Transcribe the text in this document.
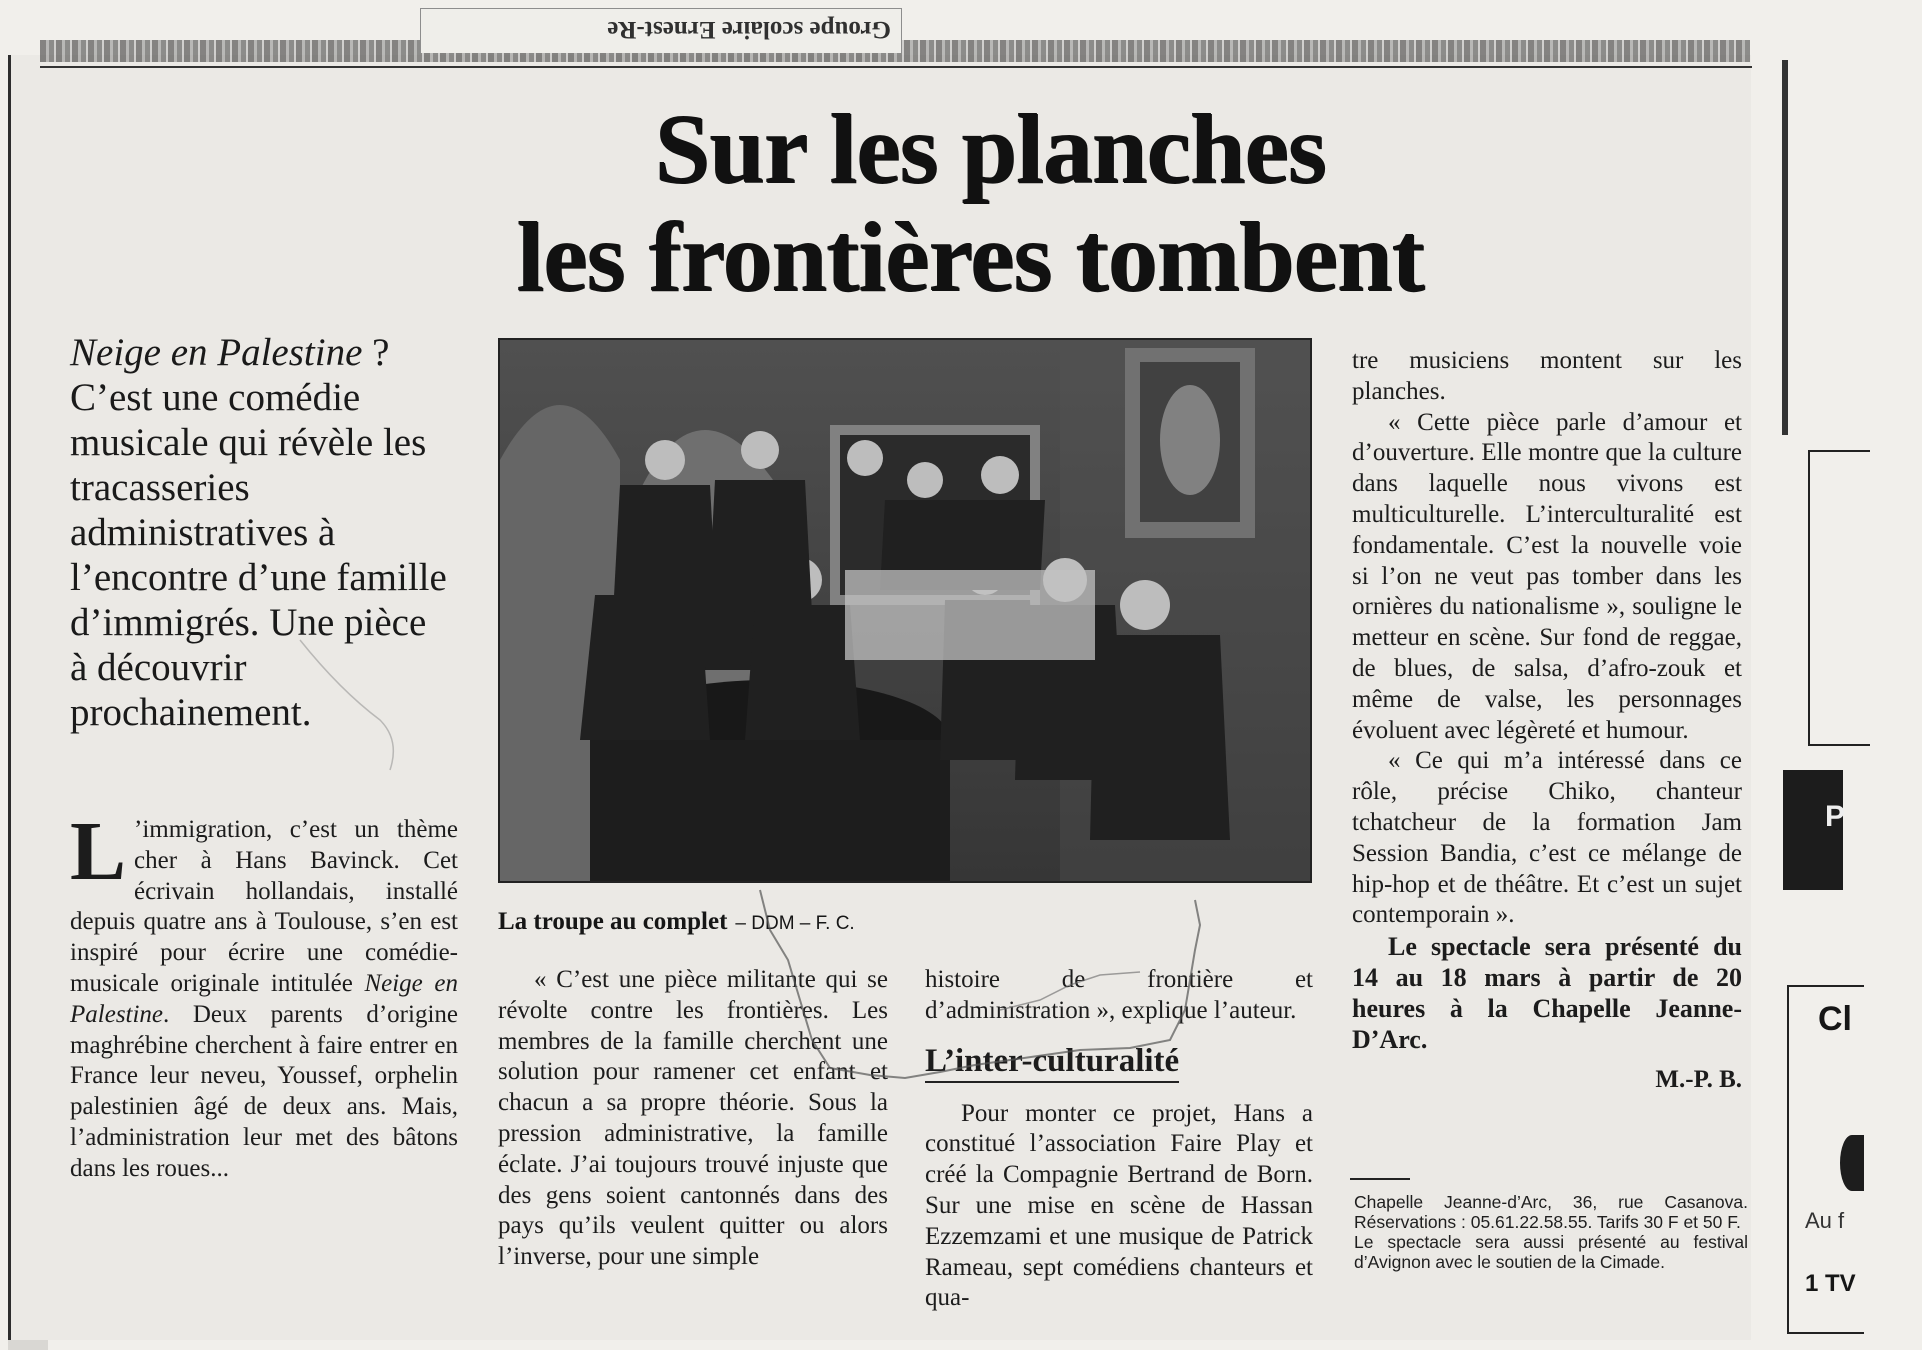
Groupe scolaire Ernest-Re
Sur les planches
les frontières tombent
Neige en Palestine ? C’est une comédie musicale qui révèle les tracasseries administratives à l’encontre d’une famille d’immigrés. Une pièce à découvrir prochainement.

L ’immigration, c’est un thème cher à Hans Bavinck. Cet écrivain hollandais, installé depuis quatre ans à Toulouse, s’en est inspiré pour écrire une comédie-musicale originale intitulée Neige en Palestine. Deux parents d’origine maghrébine cherchent à faire entrer en France leur neveu, Youssef, orphelin palestinien âgé de deux ans. Mais, l’administration leur met des bâtons dans les roues...

La troupe au complet – DDM – F. C.

« C’est une pièce militante qui se révolte contre les frontières. Les membres de la famille cherchent une solution pour ramener cet enfant et chacun a sa propre théorie. Sous la pression administrative, la famille éclate. J’ai toujours trouvé injuste que des gens soient cantonnés dans des pays qu’ils veulent quitter ou alors l’inverse, pour une simple

histoire de frontière et d’administration », explique l’auteur.

L’inter-culturalité

Pour monter ce projet, Hans a constitué l’association Faire Play et créé la Compagnie Bertrand de Born. Sur une mise en scène de Hassan Ezzemzami et une musique de Patrick Rameau, sept comédiens chanteurs et qua-

tre musiciens montent sur les planches.

« Cette pièce parle d’amour et d’ouverture. Elle montre que la culture dans laquelle nous vivons est multiculturelle. L’interculturalité est fondamentale. C’est la nouvelle voie si l’on ne veut pas tomber dans les ornières du nationalisme », souligne le metteur en scène. Sur fond de reggae, de blues, de salsa, d’afro-zouk et même de valse, les personnages évoluent avec légèreté et humour.

« Ce qui m’a intéressé dans ce rôle, précise Chiko, chanteur tchatcheur de la formation Jam Session Bandia, c’est ce mélange de hip-hop et de théâtre. Et c’est un sujet contemporain ».

Le spectacle sera présenté du 14 au 18 mars à partir de 20 heures à la Chapelle Jeanne-D’Arc.

M.-P. B.

Chapelle Jeanne-d’Arc, 36, rue Casanova. Réservations : 05.61.22.58.55. Tarifs 30 F et 50 F.

Le spectacle sera aussi présenté au festival d’Avignon avec le soutien de la Cimade.

P
Cl
Au f
1 TV
